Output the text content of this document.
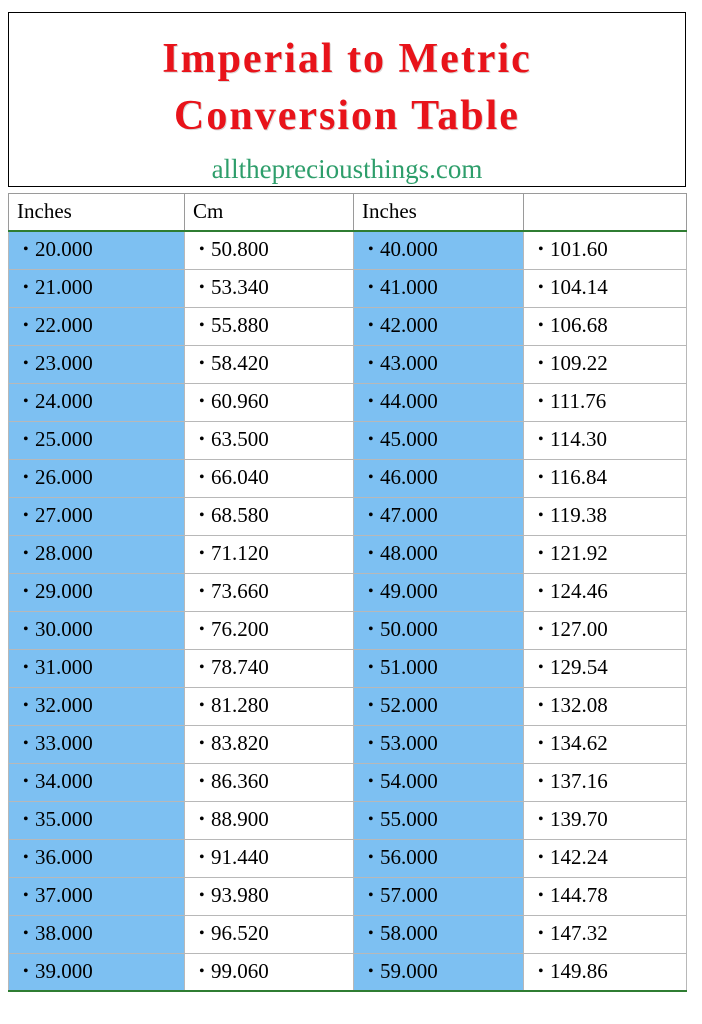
Imperial to Metric
Conversion Table
allthepreciousthings.com
Inches	Cm	Inches	
• 20.000	• 50.800	• 40.000	• 101.60
• 21.000	• 53.340	• 41.000	• 104.14
• 22.000	• 55.880	• 42.000	• 106.68
• 23.000	• 58.420	• 43.000	• 109.22
• 24.000	• 60.960	• 44.000	• 111.76
• 25.000	• 63.500	• 45.000	• 114.30
• 26.000	• 66.040	• 46.000	• 116.84
• 27.000	• 68.580	• 47.000	• 119.38
• 28.000	• 71.120	• 48.000	• 121.92
• 29.000	• 73.660	• 49.000	• 124.46
• 30.000	• 76.200	• 50.000	• 127.00
• 31.000	• 78.740	• 51.000	• 129.54
• 32.000	• 81.280	• 52.000	• 132.08
• 33.000	• 83.820	• 53.000	• 134.62
• 34.000	• 86.360	• 54.000	• 137.16
• 35.000	• 88.900	• 55.000	• 139.70
• 36.000	• 91.440	• 56.000	• 142.24
• 37.000	• 93.980	• 57.000	• 144.78
• 38.000	• 96.520	• 58.000	• 147.32
• 39.000	• 99.060	• 59.000	• 149.86
